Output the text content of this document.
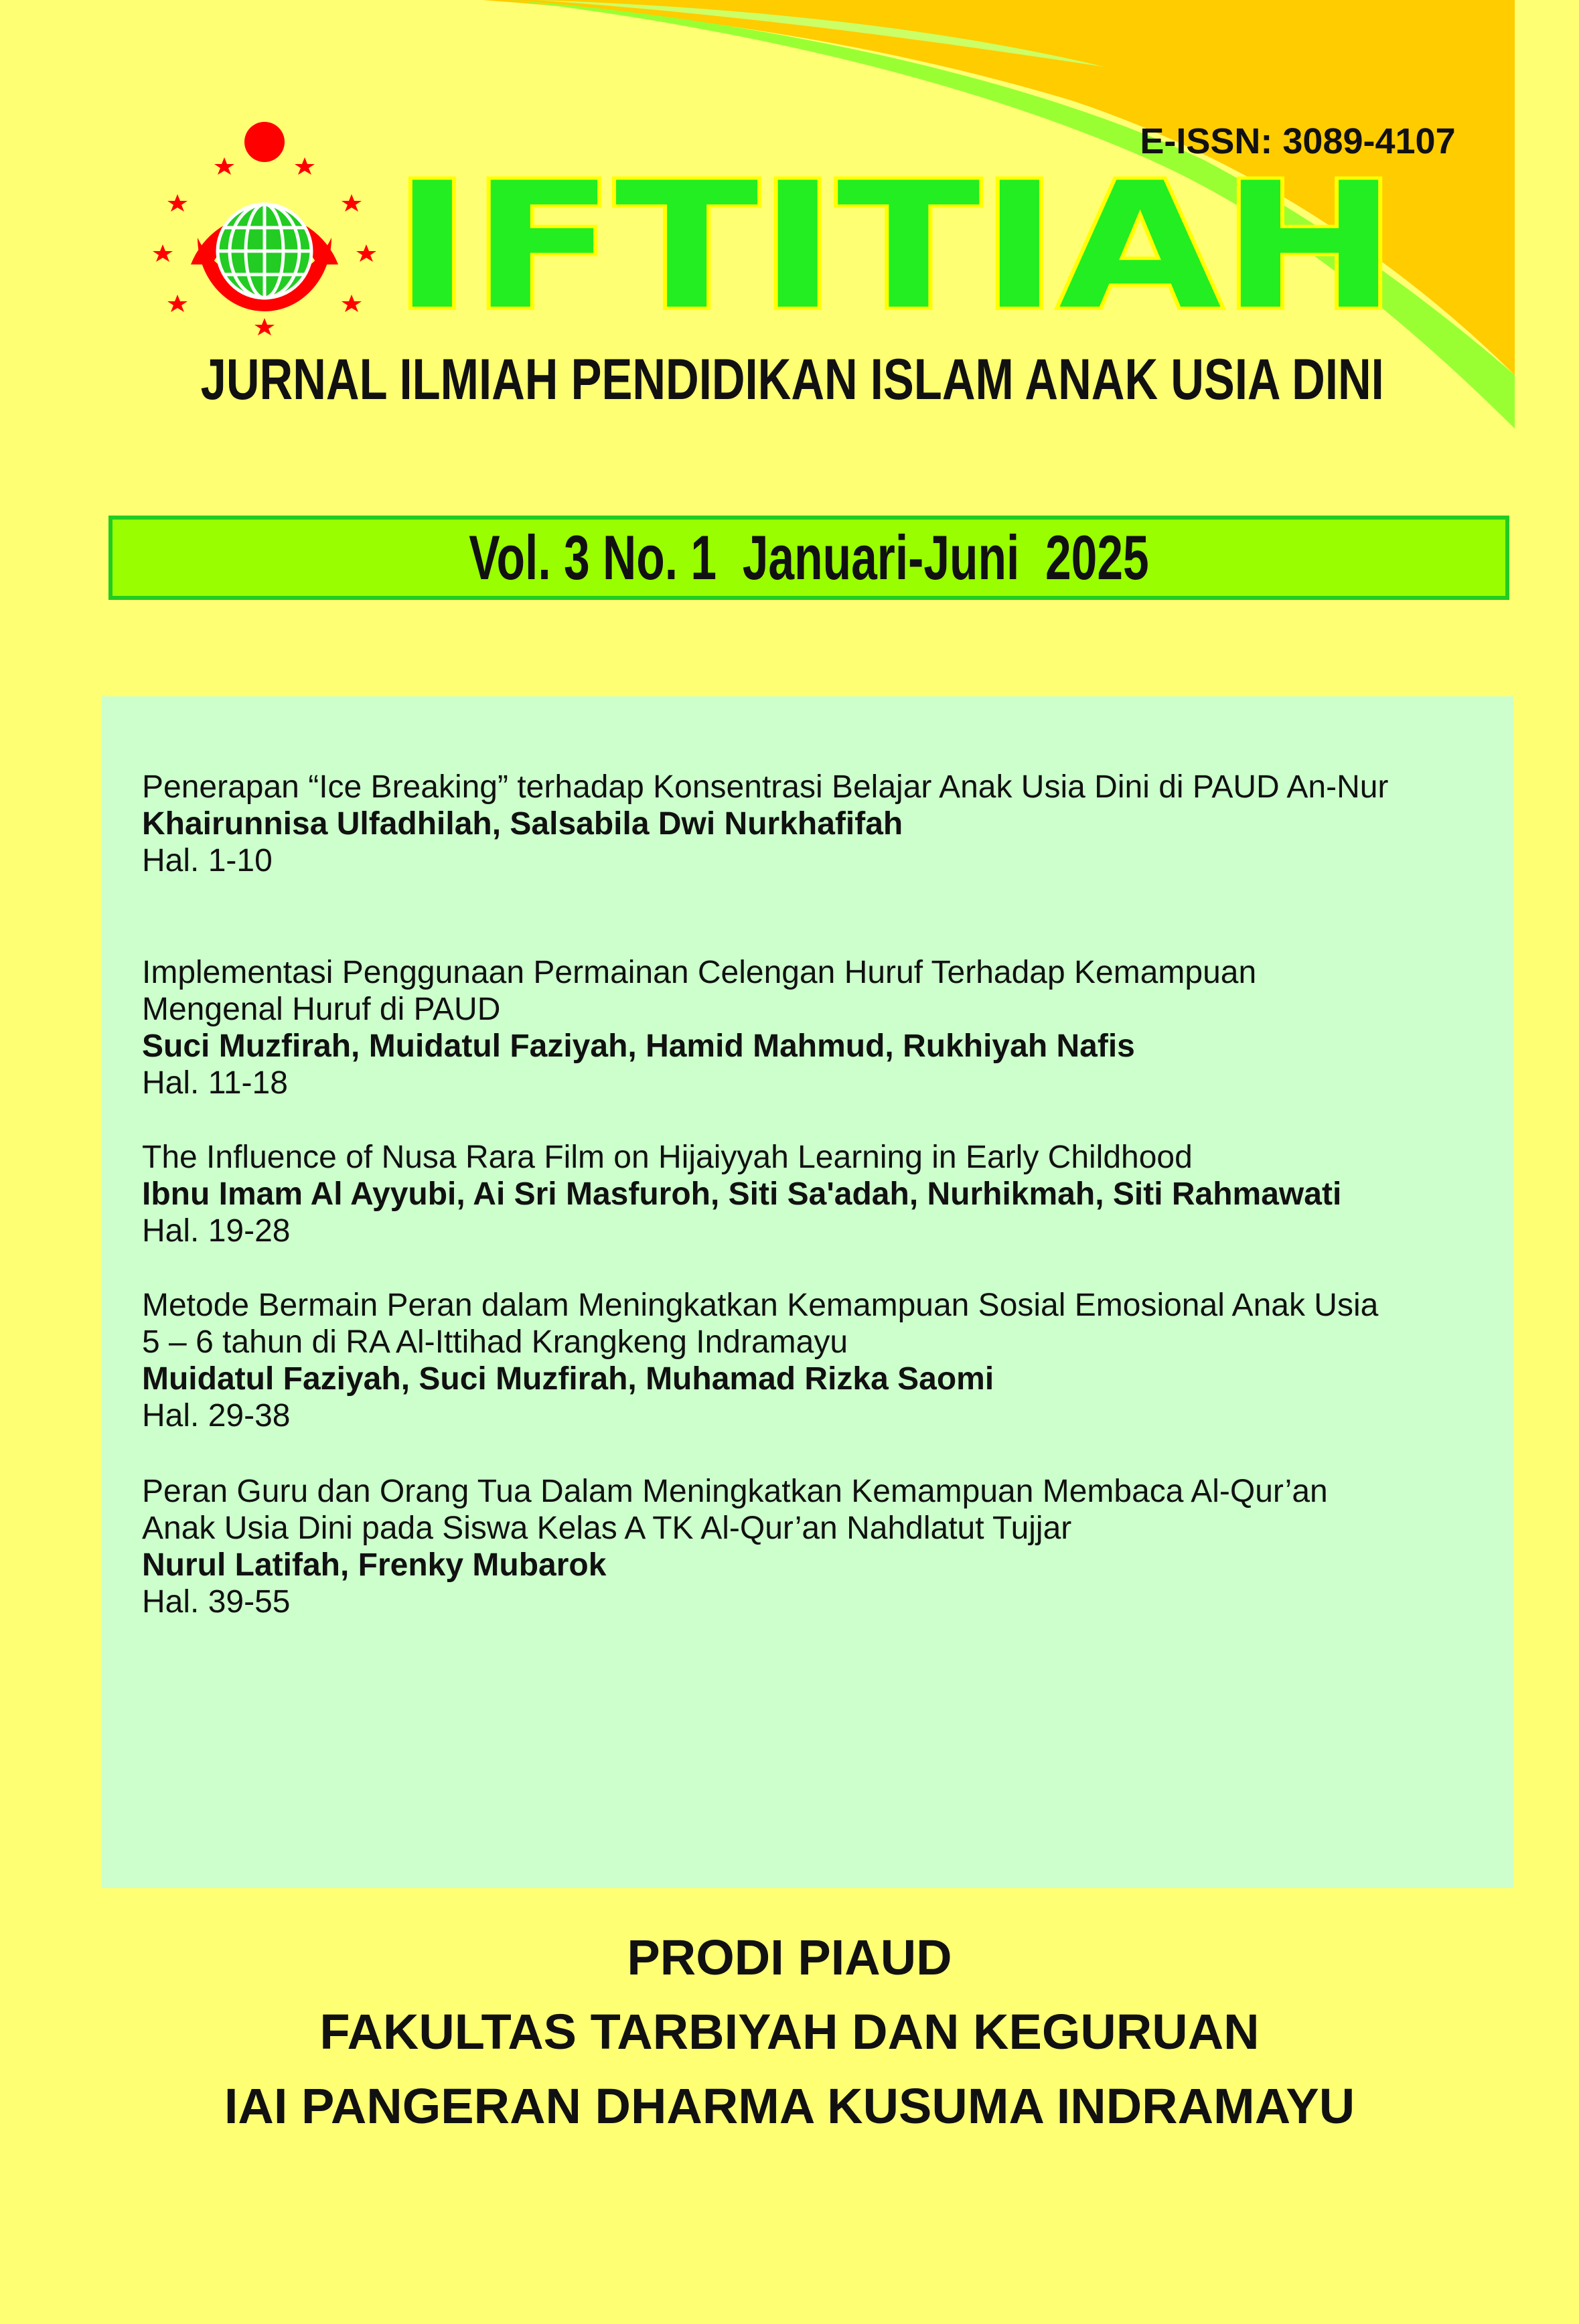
E-ISSN: 3089-4107
IFTITIAH
JURNAL ILMIAH PENDIDIKAN ISLAM ANAK USIA DINI
Vol. 3 No. 1  Januari-Juni  2025
Penerapan “Ice Breaking” terhadap Konsentrasi Belajar Anak Usia Dini di PAUD An-Nur
Khairunnisa Ulfadhilah, Salsabila Dwi Nurkhafifah
Hal. 1-10
Implementasi Penggunaan Permainan Celengan Huruf Terhadap Kemampuan
Mengenal Huruf di PAUD
Suci Muzfirah, Muidatul Faziyah, Hamid Mahmud, Rukhiyah Nafis
Hal. 11-18
The Influence of Nusa Rara Film on Hijaiyyah Learning in Early Childhood
Ibnu Imam Al Ayyubi, Ai Sri Masfuroh, Siti Sa'adah, Nurhikmah, Siti Rahmawati
Hal. 19-28
Metode Bermain Peran dalam Meningkatkan Kemampuan Sosial Emosional Anak Usia
5 – 6 tahun di RA Al-Ittihad Krangkeng Indramayu
Muidatul Faziyah, Suci Muzfirah, Muhamad Rizka Saomi
Hal. 29-38
Peran Guru dan Orang Tua Dalam Meningkatkan Kemampuan Membaca Al-Qur’an
Anak Usia Dini pada Siswa Kelas A TK Al-Qur’an Nahdlatut Tujjar
Nurul Latifah, Frenky Mubarok
Hal. 39-55
PRODI PIAUD
FAKULTAS TARBIYAH DAN KEGURUAN
IAI PANGERAN DHARMA KUSUMA INDRAMAYU
